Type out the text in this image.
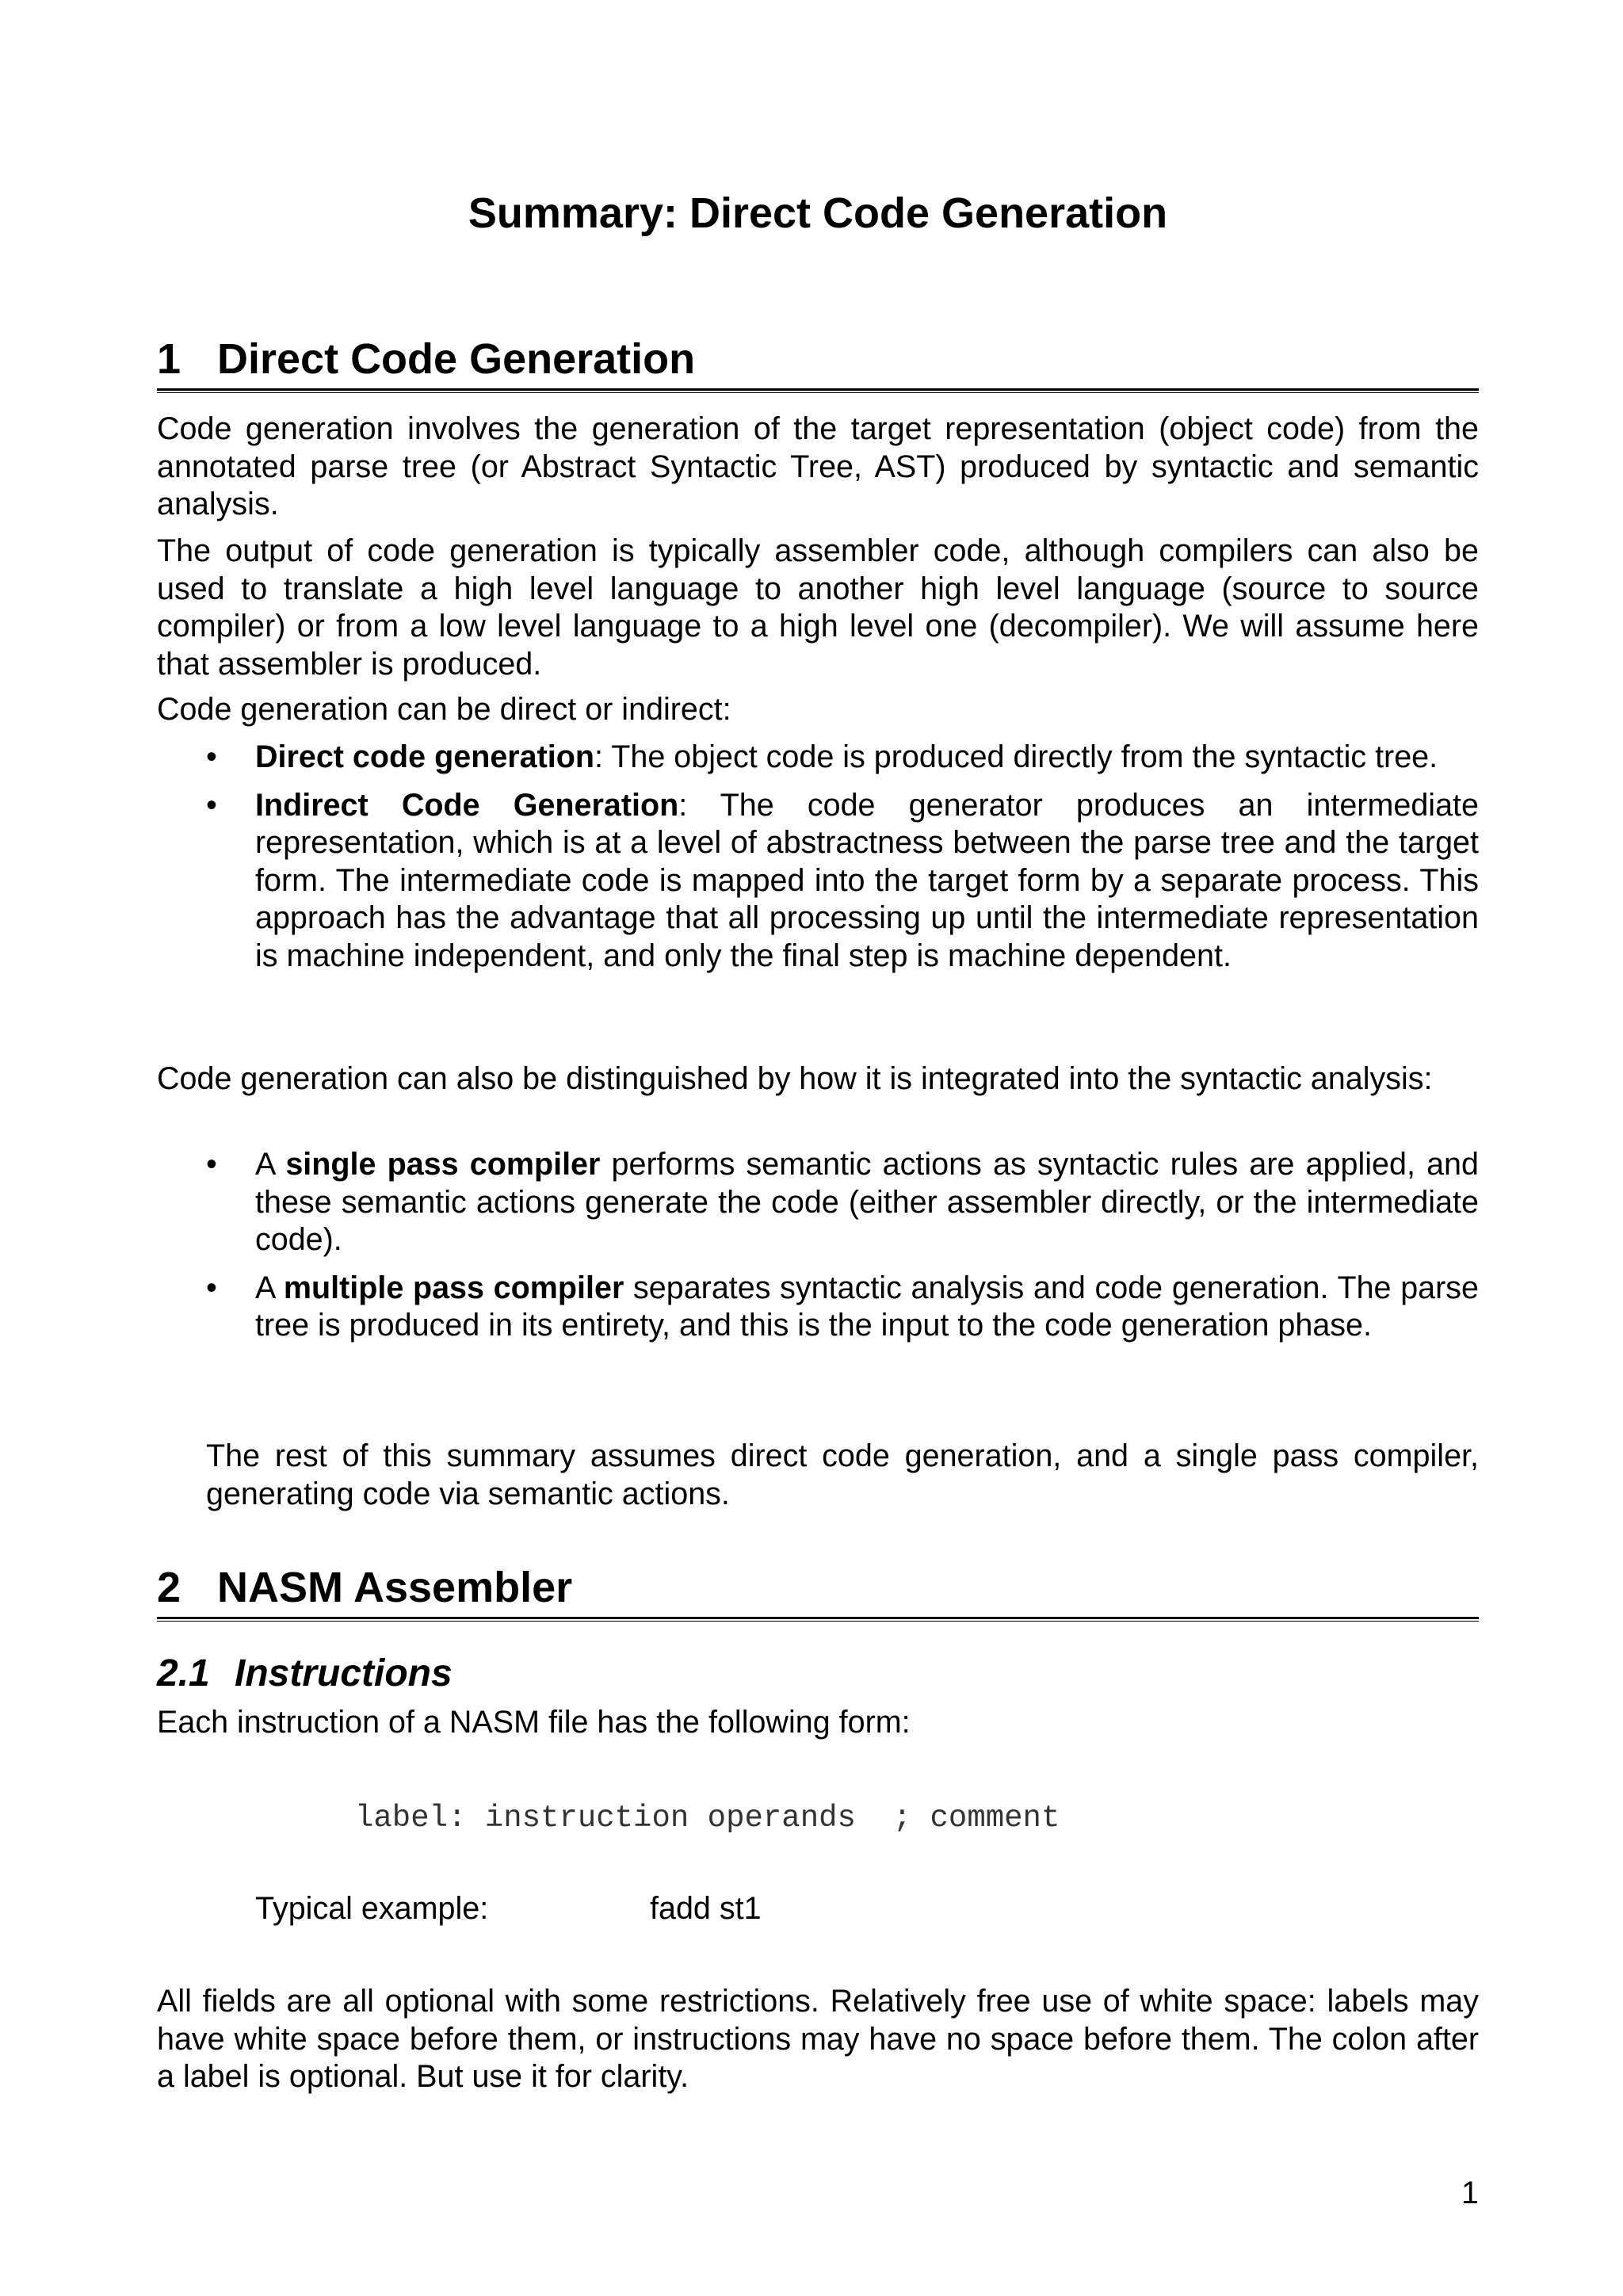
Summary: Direct Code Generation
1 Direct Code Generation

Code generation involves the generation of the target representation (object code) from the annotated parse tree (or Abstract Syntactic Tree, AST) produced by syntactic and semantic analysis.

The output of code generation is typically assembler code, although compilers can also be used to translate a high level language to another high level language (source to source compiler) or from a low level language to a high level one (decompiler). We will assume here that assembler is produced.

Code generation can be direct or indirect:

• Direct code generation: The object code is produced directly from the syntactic tree.
• Indirect Code Generation: The code generator produces an intermediate representation, which is at a level of abstractness between the parse tree and the target form. The intermediate code is mapped into the target form by a separate process. This approach has the advantage that all processing up until the intermediate representation is machine independent, and only the final step is machine dependent.

Code generation can also be distinguished by how it is integrated into the syntactic analysis:

• A single pass compiler performs semantic actions as syntactic rules are applied, and these semantic actions generate the code (either assembler directly, or the intermediate code).
• A multiple pass compiler separates syntactic analysis and code generation. The parse tree is produced in its entirety, and this is the input to the code generation phase.

The rest of this summary assumes direct code generation, and a single pass compiler, generating code via semantic actions.

2 NASM Assembler
2.1 Instructions

Each instruction of a NASM file has the following form:

label: instruction operands  ; comment

Typical example:	fadd st1

All fields are all optional with some restrictions. Relatively free use of white space: labels may have white space before them, or instructions may have no space before them. The colon after a label is optional. But use it for clarity.

1
